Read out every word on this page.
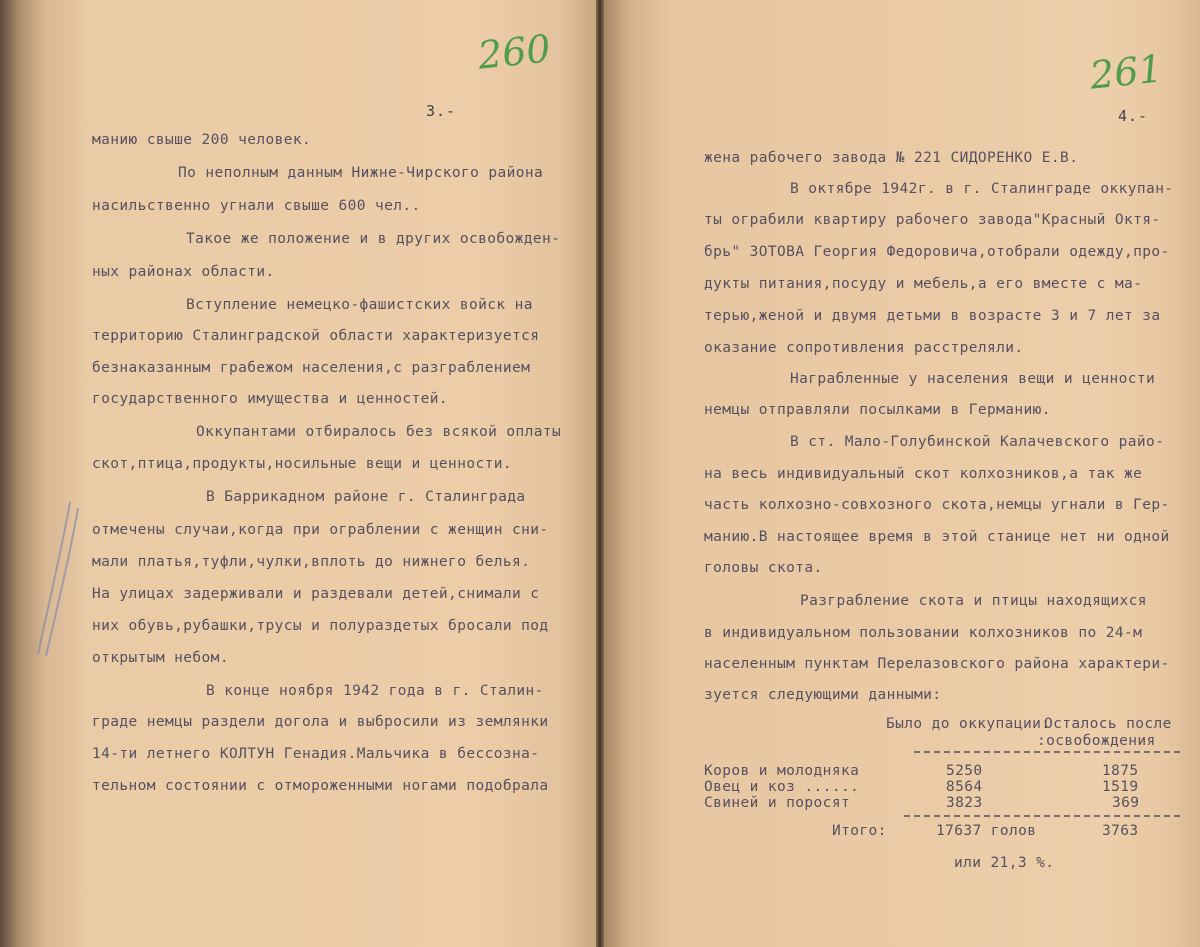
260
3.-
манию свыше 200 человек.
По неполным данным Нижне-Чирского района
насильственно угнали свыше 600 чел..
Такое же положение и в других освобожден-
ных районах области.
Вступление немецко-фашистских войск на
территорию Сталинградской области характеризуется
безнаказанным грабежом населения,с разграблением
государственного имущества и ценностей.
Оккупантами отбиралось без всякой оплаты
скот,птица,продукты,носильные вещи и ценности.
В Баррикадном районе г. Сталинграда
отмечены случаи,когда при ограблении с женщин сни-
мали платья,туфли,чулки,вплоть до нижнего белья.
На улицах задерживали и раздевали детей,снимали с
них обувь,рубашки,трусы и полураздетых бросали под
открытым небом.
В конце ноября 1942 года в г. Сталин-
граде немцы раздели догола и выбросили из землянки
14-ти летнего КОЛТУН Генадия.Мальчика в бессозна-
тельном состоянии с отмороженными ногами подобрала
261
4.-
жена рабочего завода № 221 СИДОРЕНКО Е.В.
В октябре 1942г. в г. Сталинграде оккупан-
ты ограбили квартиру рабочего завода"Красный Октя-
брь" ЗОТОВА Георгия Федоровича,отобрали одежду,про-
дукты питания,посуду и мебель,а его вместе с ма-
терью,женой и двумя детьми в возрасте 3 и 7 лет за
оказание сопротивления расстреляли.
Награбленные у населения вещи и ценности
немцы отправляли посылками в Германию.
В ст. Мало-Голубинской Калачевского райо-
на весь индивидуальный скот колхозников,а так же
часть колхозно-совхозного скота,немцы угнали в Гер-
манию.В настоящее время в этой станице нет ни одной
головы скота.
Разграбление скота и птицы находящихся
в индивидуальном пользовании колхозников по 24-м
населенным пунктам Перелазовского района характери-
зуется следующими данными:
Было до оккупации:
Осталось после
:освобождения
Коров и молодняка	5250	1875
Овец и коз ......	8564	1519
Свиней и поросят	3823	369
Итого:	17637 голов	3763
или 21,3 %.
